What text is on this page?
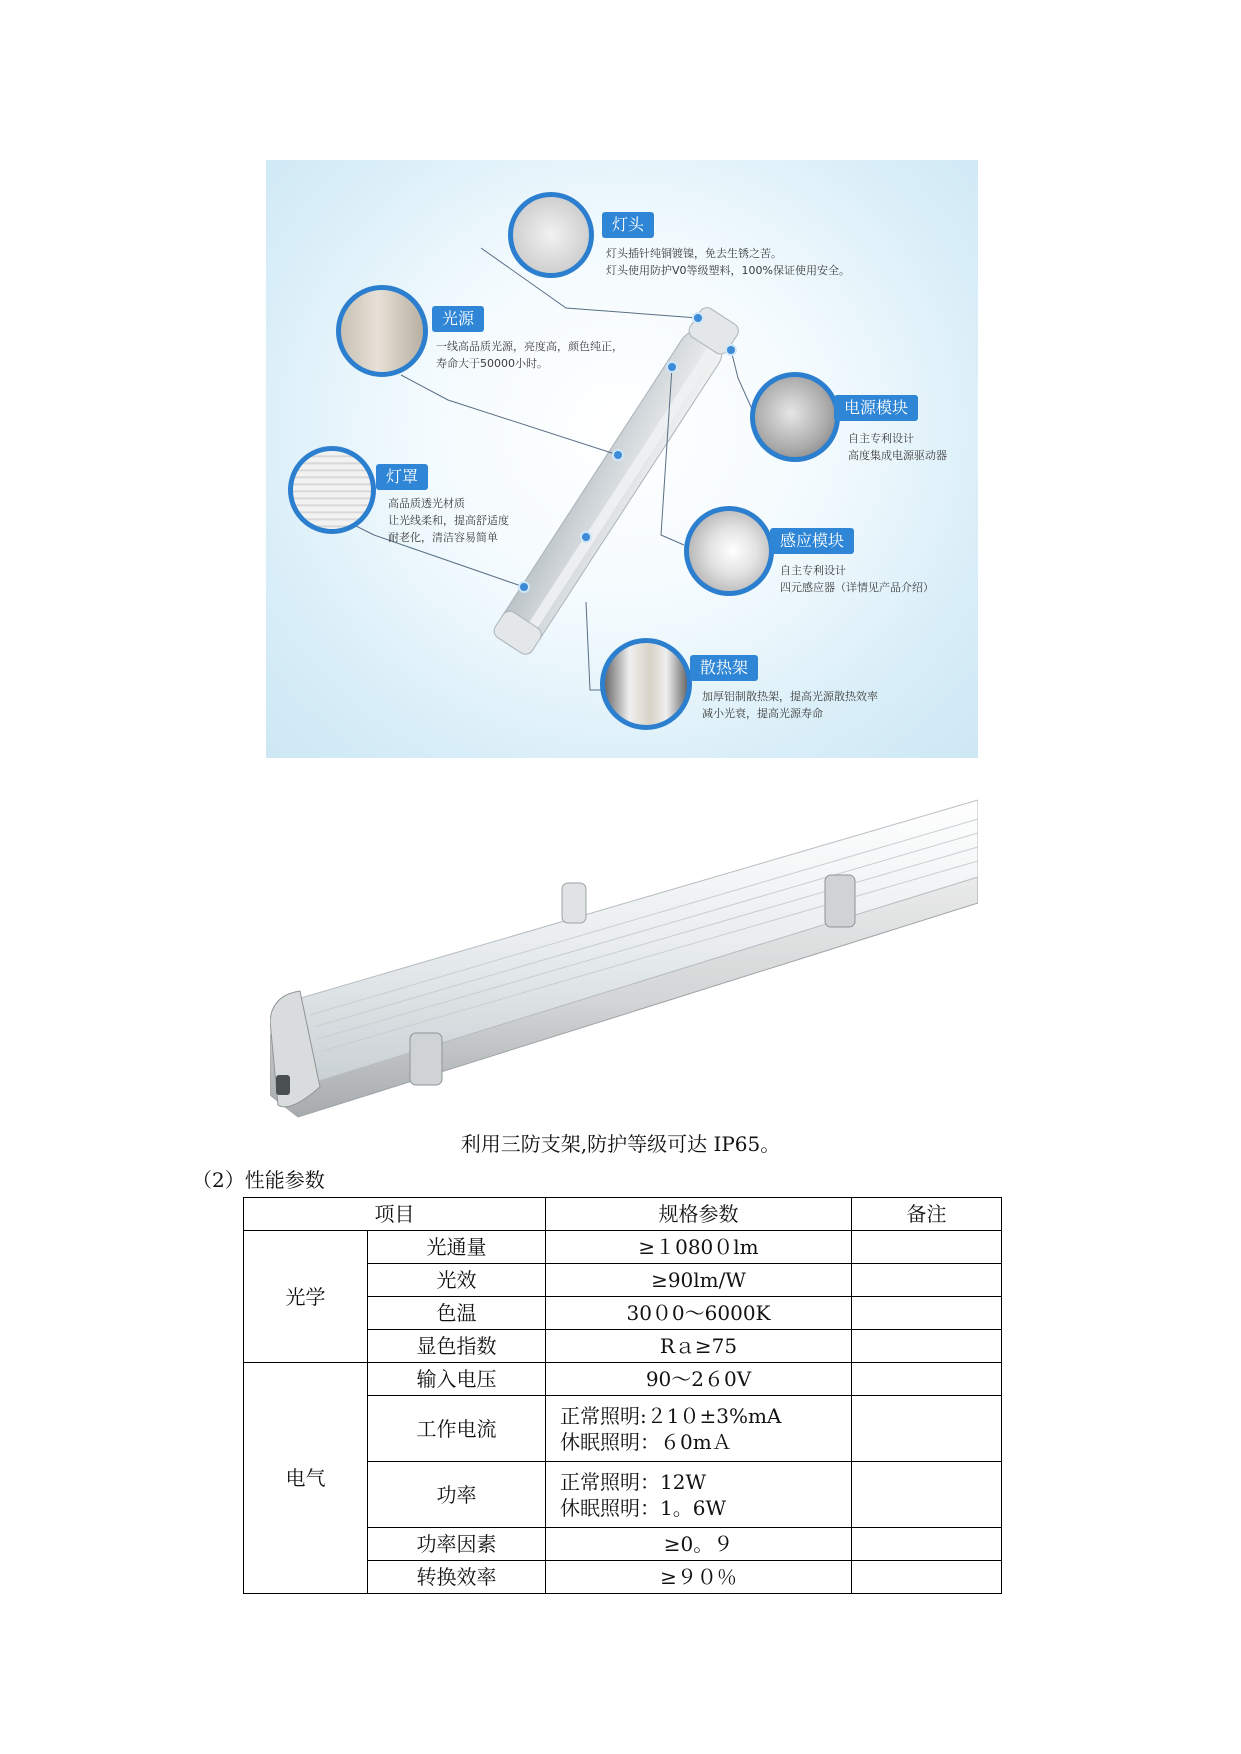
灯头
灯头插针纯铜镀镍，免去生锈之苦。
灯头使用防护V0等级塑料，100%保证使用安全。
光源
一线高品质光源，亮度高，颜色纯正，
寿命大于50000小时。
电源模块
自主专利设计
高度集成电源驱动器
灯罩
高品质透光材质
让光线柔和，提高舒适度
耐老化，清洁容易简单	感应模块
自主专利设计
四元感应器（详情见产品介绍）
散热架
加厚铝制散热架，提高光源散热效率
减小光衰，提高光源寿命
利用三防支架,防护等级可达 IP65。
（2）性能参数
项目		规格参数	备注
光学	光通量	≥１080０lm	
	光效	≥90lm/W	
	色温	30０0～6000K	
	显色指数	Rａ≥75	
电气	输入电压	90～2６0V	
	工作电流	正常照明:２1０±3%mA
休眠照明：６0mＡ	

	功率	正常照明：12W
休眠照明：1。6W	

	功率因素	≥0。９	
	转换效率	≥９０％	
